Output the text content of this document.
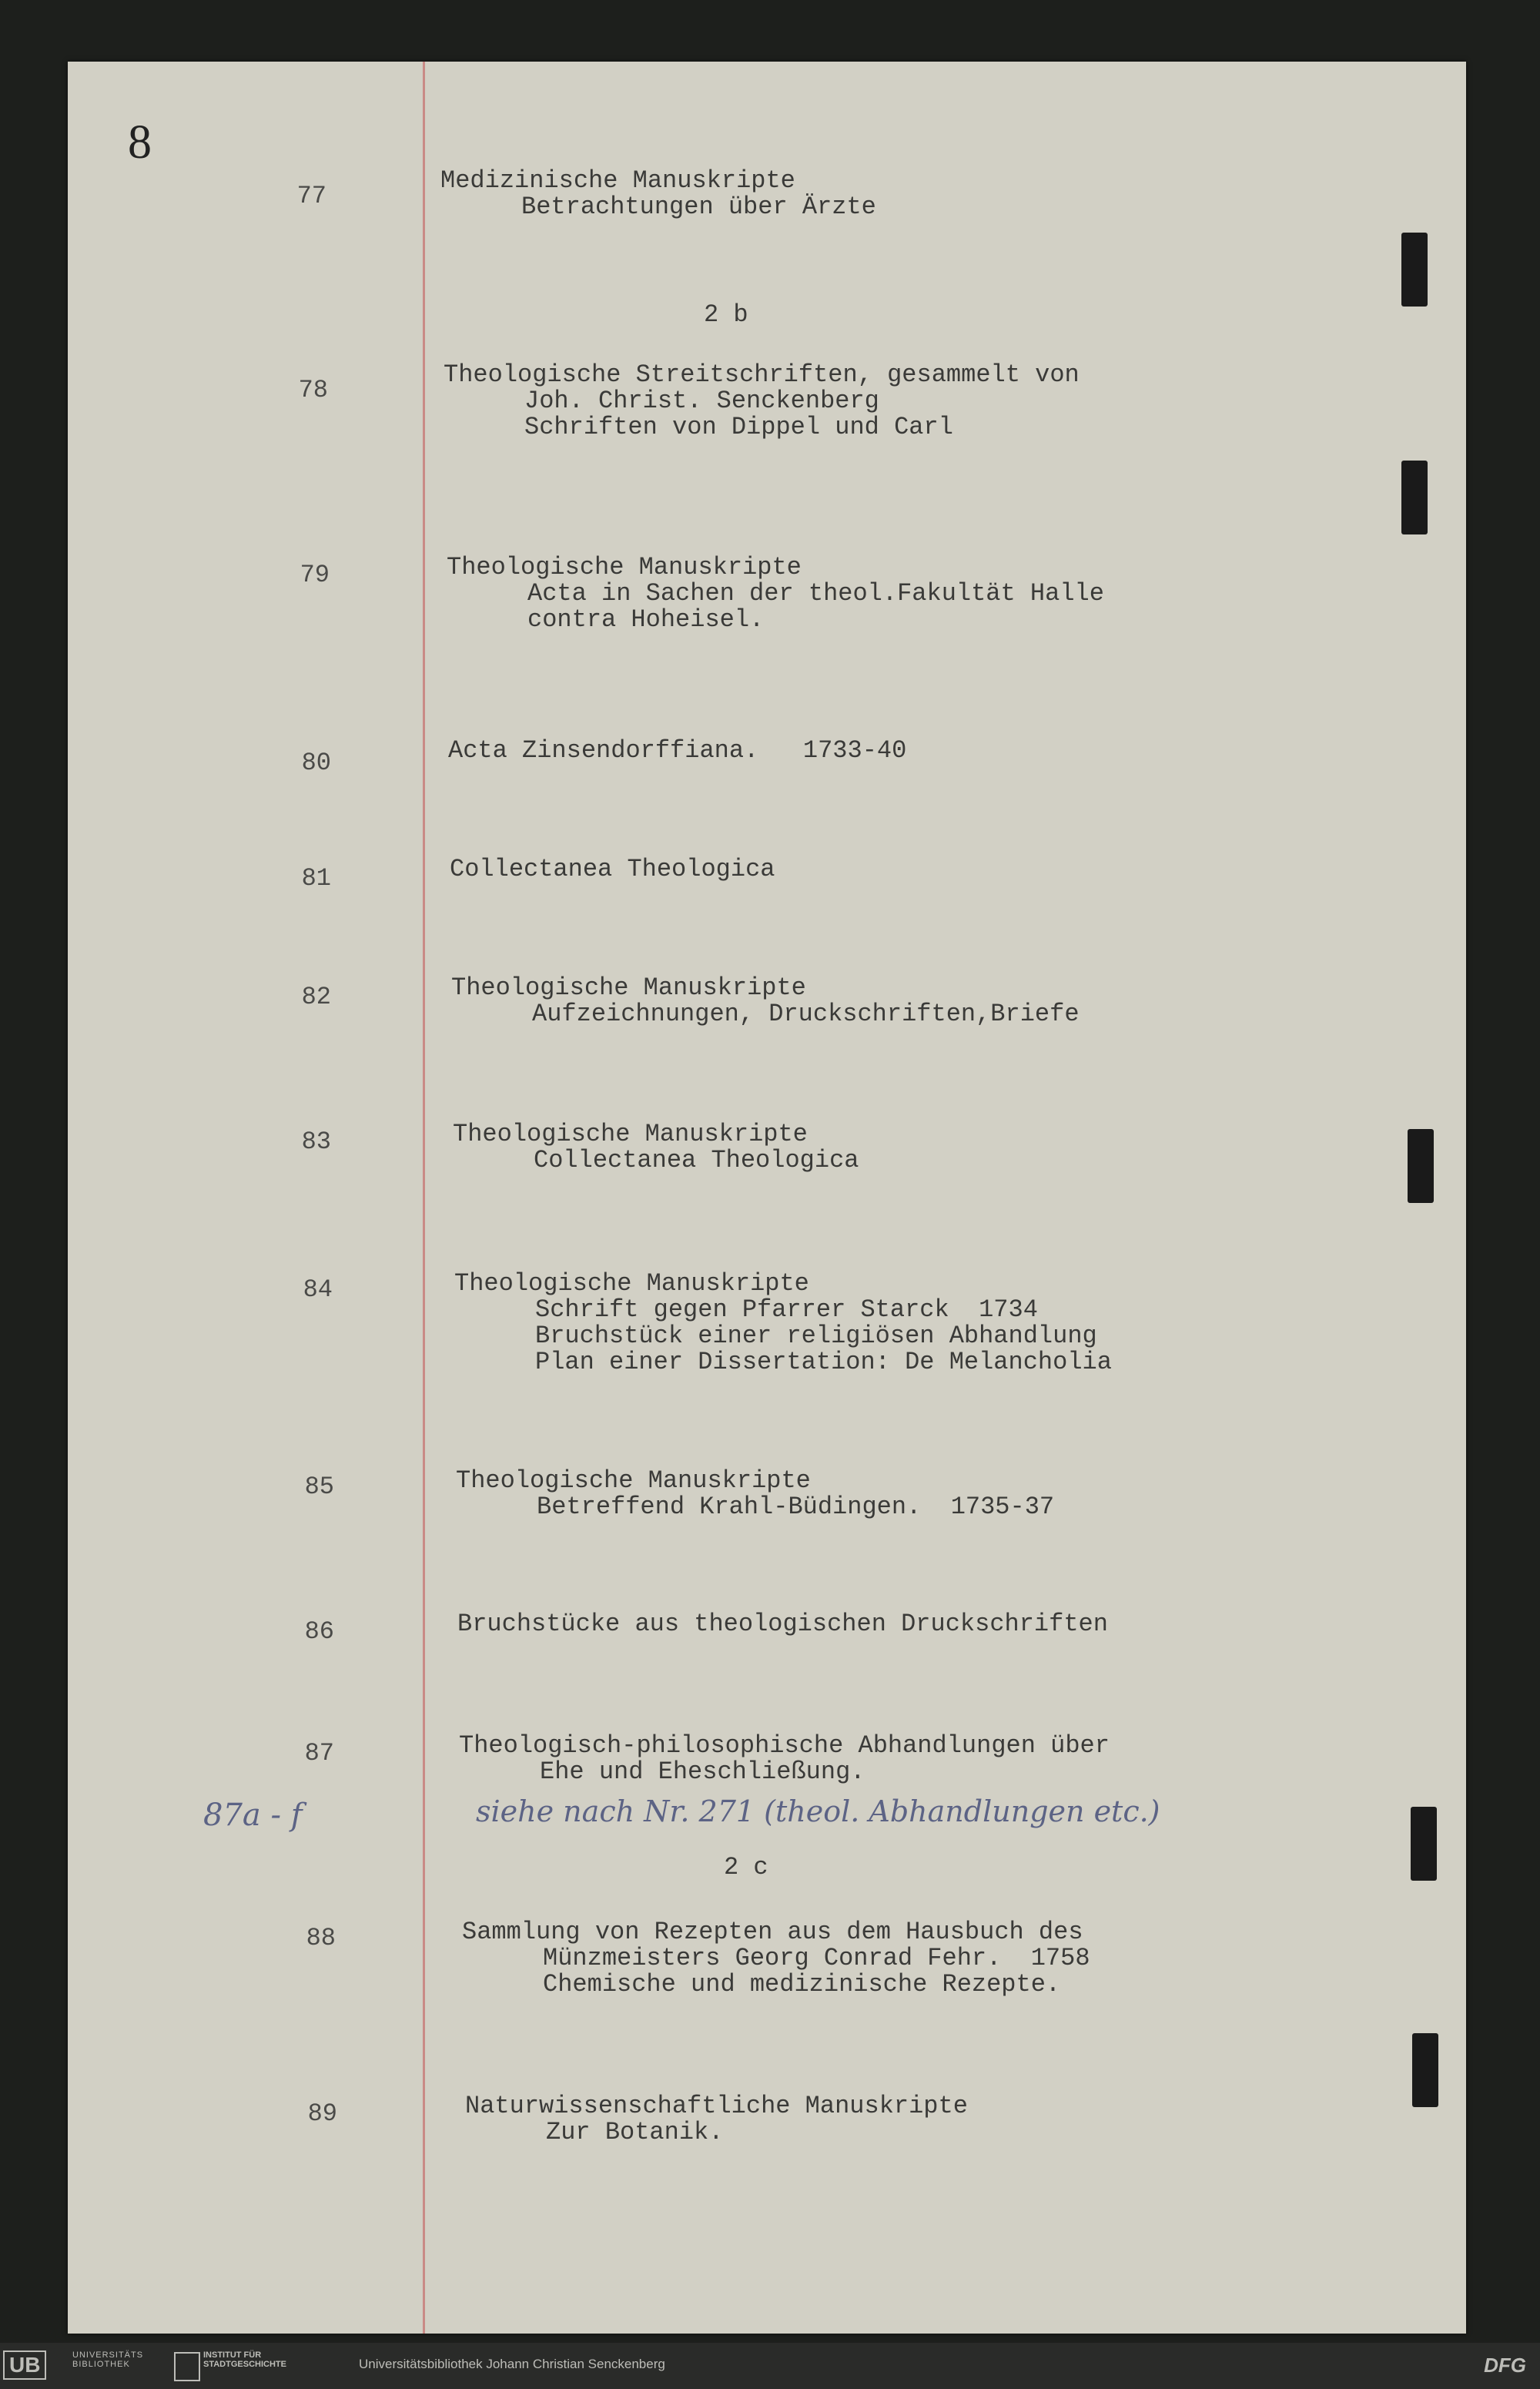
8
77
Medizinische Manuskripte
Betrachtungen über Ärzte
2 b
78
Theologische Streitschriften, gesammelt von
Joh. Christ. Senckenberg
Schriften von Dippel und Carl
79	Theologische Manuskripte
Acta in Sachen der theol.Fakultät Halle
contra Hoheisel.
80	Acta Zinsendorffiana.   1733-40
81	Collectanea Theologica
82	Theologische Manuskripte
Aufzeichnungen, Druckschriften,Briefe
83	Theologische Manuskripte
Collectanea Theologica
84	Theologische Manuskripte
Schrift gegen Pfarrer Starck  1734
Bruchstück einer religiösen Abhandlung
Plan einer Dissertation: De Melancholia
85	Theologische Manuskripte
Betreffend Krahl-Büdingen.  1735-37
86	Bruchstücke aus theologischen Druckschriften
87	Theologisch-philosophische Abhandlungen über
Ehe und Eheschließung.
87a - f	siehe nach Nr. 271 (theol. Abhandlungen etc.)
2 c
88	Sammlung von Rezepten aus dem Hausbuch des
Münzmeisters Georg Conrad Fehr.  1758
Chemische und medizinische Rezepte.
89	Naturwissenschaftliche Manuskripte
Zur Botanik.
UB	UNIVERSITÄTS BIBLIOTHEK
INSTITUT FÜR STADTGESCHICHTE	Universitätsbibliothek Johann Christian Senckenberg	DFG
